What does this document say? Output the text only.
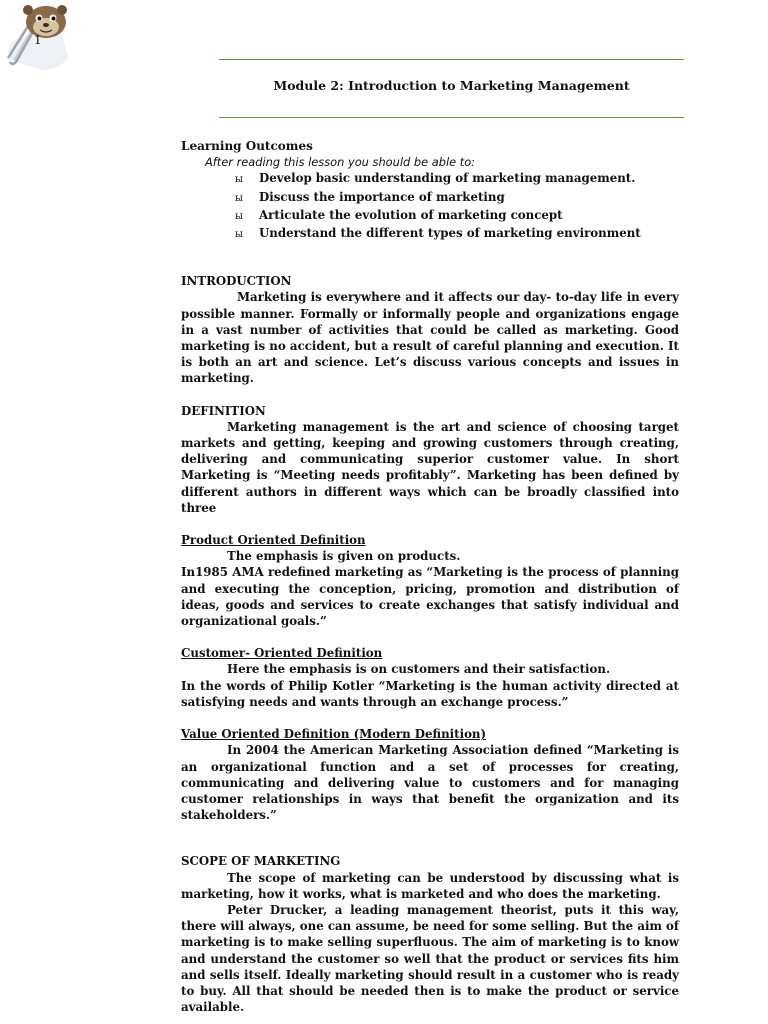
1
Module 2: Introduction to Marketing Management

Learning Outcomes

After reading this lesson you should be able to:

ы	Develop basic understanding of marketing management.
ы	Discuss the importance of marketing
ы	Articulate the evolution of marketing concept
ы	Understand the different types of marketing environment

INTRODUCTION

Marketing is everywhere and it affects our day- to-day life in every possible manner. Formally or informally people and organizations engage in a vast number of activities that could be called as marketing. Good marketing is no accident, but a result of careful planning and execution. It is both an art and science. Let’s discuss various concepts and issues in marketing.

DEFINITION

Marketing management is the art and science of choosing target markets and getting, keeping and growing customers through creating, delivering and communicating superior customer value. In short Marketing is “Meeting needs profitably”. Marketing has been defined by different authors in different ways which can be broadly classified into three

Product Oriented Definition

The emphasis is given on products.

In1985 AMA redefined marketing as “Marketing is the process of planning and executing the conception, pricing, promotion and distribution of ideas, goods and services to create exchanges that satisfy individual and organizational goals.”

Customer- Oriented Definition

Here the emphasis is on customers and their satisfaction.

In the words of Philip Kotler “Marketing is the human activity directed at satisfying needs and wants through an exchange process.”

Value Oriented Definition (Modern Definition)

In 2004 the American Marketing Association defined “Marketing is an organizational function and a set of processes for creating, communicating and delivering value to customers and for managing customer relationships in ways that benefit the organization and its stakeholders.”

SCOPE OF MARKETING

The scope of marketing can be understood by discussing what is marketing, how it works, what is marketed and who does the marketing.

Peter Drucker, a leading management theorist, puts it this way, there will always, one can assume, be need for some selling. But the aim of marketing is to make selling superfluous. The aim of marketing is to know and understand the customer so well that the product or services fits him and sells itself. Ideally marketing should result in a customer who is ready to buy. All that should be needed then is to make the product or service available.
